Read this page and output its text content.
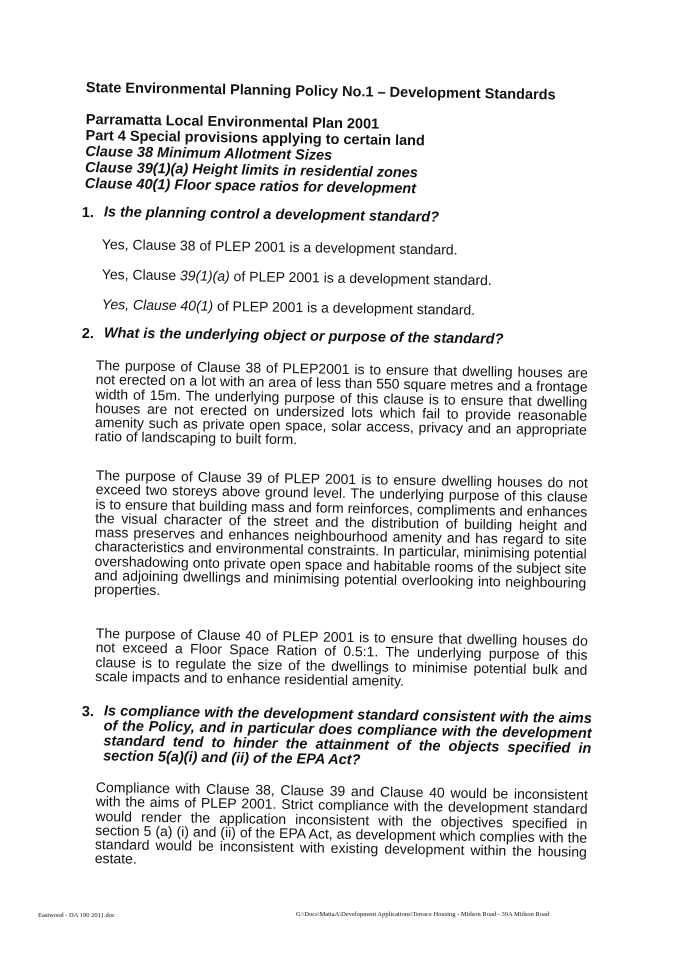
State Environmental Planning Policy No.1 – Development Standards
Parramatta Local Environmental Plan 2001
Part 4 Special provisions applying to certain land
Clause 38 Minimum Allotment Sizes
Clause 39(1)(a) Height limits in residential zones
Clause 40(1) Floor space ratios for development
1. Is the planning control a development standard?
Yes, Clause 38 of PLEP 2001 is a development standard.
Yes, Clause 39(1)(a) of PLEP 2001 is a development standard.
Yes, Clause 40(1) of PLEP 2001 is a development standard.
2. What is the underlying object or purpose of the standard?
The purpose of Clause 38 of PLEP2001 is to ensure that dwelling houses are not erected on a lot with an area of less than 550 square metres and a frontage width of 15m. The underlying purpose of this clause is to ensure that dwelling houses are not erected on undersized lots which fail to provide reasonable amenity such as private open space, solar access, privacy and an appropriate ratio of landscaping to built form.
The purpose of Clause 39 of PLEP 2001 is to ensure dwelling houses do not exceed two storeys above ground level. The underlying purpose of this clause is to ensure that building mass and form reinforces, compliments and enhances the visual character of the street and the distribution of building height and mass preserves and enhances neighbourhood amenity and has regard to site characteristics and environmental constraints. In particular, minimising potential overshadowing onto private open space and habitable rooms of the subject site and adjoining dwellings and minimising potential overlooking into neighbouring properties.
The purpose of Clause 40 of PLEP 2001 is to ensure that dwelling houses do not exceed a Floor Space Ration of 0.5:1. The underlying purpose of this clause is to regulate the size of the dwellings to minimise potential bulk and scale impacts and to enhance residential amenity.
3. Is compliance with the development standard consistent with the aims of the Policy, and in particular does compliance with the development standard tend to hinder the attainment of the objects specified in section 5(a)(i) and (ii) of the EPA Act?
Compliance with Clause 38, Clause 39 and Clause 40 would be inconsistent with the aims of PLEP 2001. Strict compliance with the development standard would render the application inconsistent with the objectives specified in section 5 (a) (i) and (ii) of the EPA Act, as development which complies with the standard would be inconsistent with existing development within the housing estate.
Eastwood - DA 190 2011.doc	G:\Docs\MattaA\Development Applications\Terrace Housing - Midson Road - 39A Midson Road
